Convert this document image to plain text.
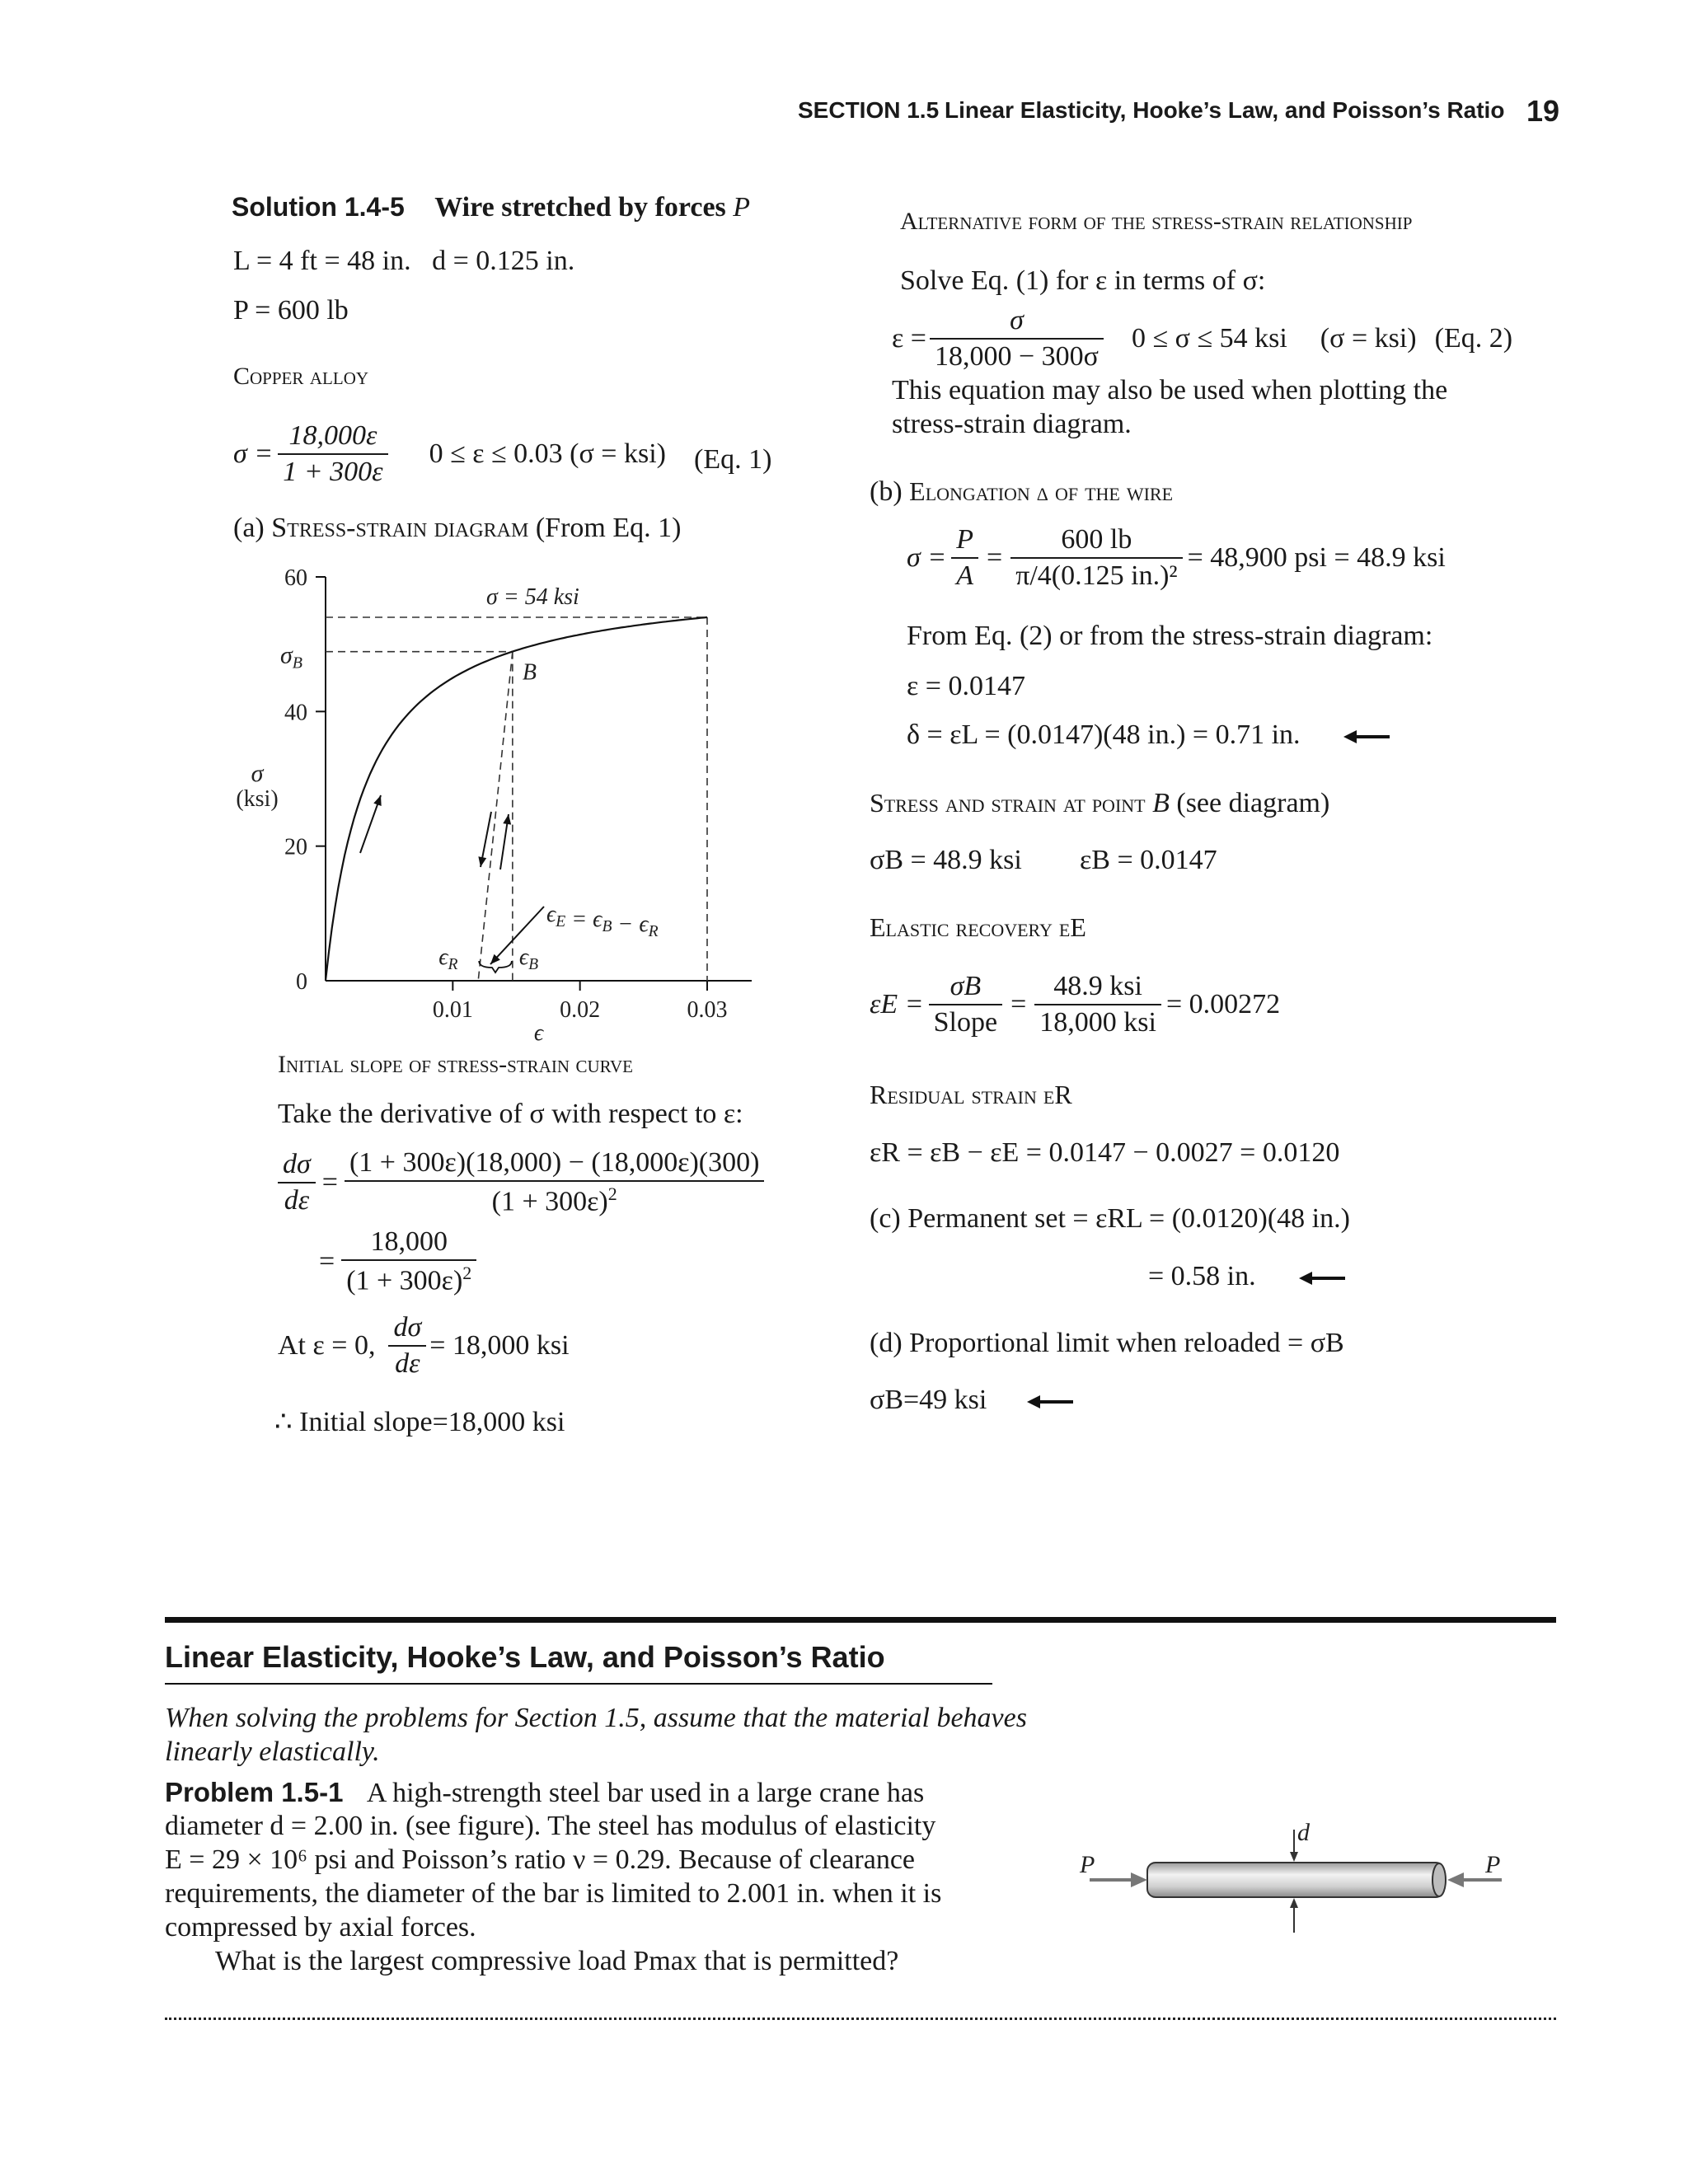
SECTION 1.5 Linear Elasticity, Hooke’s Law, and Poisson’s Ratio 19
Solution 1.4-5 Wire stretched by forces P
L = 4 ft = 48 in.   d = 0.125 in.
P = 600 lb
Copper alloy
$\sigma = \frac{18,000\varepsilon}{1 + 300\varepsilon} 0 \le \varepsilon \le 0.03$ (σ = ksi) (Eq. 1)
(a) Stress-strain diagram (From Eq. 1)
0
20
40
60
$\sigma_B$
0.01	0.02	0.03
ϵ
σ
(ksi)
σ = 54 ksi
B
$\epsilon_R$	$\epsilon_B$
$\epsilon_E = \epsilon_B - \epsilon_R$
Initial slope of stress-strain curve
Take the derivative of σ with respect to ε:
$\frac{d\sigma}{d\varepsilon} = \frac{(1 + 300\varepsilon)(18,000) - (18,000\varepsilon)(300)}{(1 + 300\varepsilon)^2}$
= $\frac{18,000}{(1 + 300\varepsilon)^2}$
At ε = 0, $\frac{d\sigma}{d\varepsilon} = 18,000$ ksi
∴ Initial slope=18,000 ksi
Alternative form of the stress-strain relationship
Solve Eq. (1) for ε in terms of σ:
$\varepsilon = \frac{\sigma}{18,000 - 300\sigma} 0 \le \sigma \le 54$ ksi (σ = ksi) (Eq. 2)
This equation may also be used when plotting the stress-strain diagram.
(b) Elongation δ of the wire
$\sigma = \frac{P}{A} = \frac{600 lb}{\text{π/4(0.125 in.)²}} = 48,900$ psi = 48.9 ksi
From Eq. (2) or from the stress-strain diagram:
ε = 0.0147
δ = εL = (0.0147)(48 in.) = 0.71 in.
Stress and strain at point B (see diagram)
σB = 48.9 ksi εB = 0.0147
Elastic recovery εE
$\varepsilon E = \frac{\sigma B}{\text{Slope}} = \frac{\text{48.9 ksi}}{\text{18,000 ksi}} = 0.00272$
Residual strain εR
εR = εB − εE = 0.0147 − 0.0027 = 0.0120
(c) Permanent set = εRL = (0.0120)(48 in.)
= 0.58 in.
(d) Proportional limit when reloaded = σB
σB=49 ksi
Linear Elasticity, Hooke’s Law, and Poisson’s Ratio
When solving the problems for Section 1.5, assume that the material behaves linearly elastically.
Problem 1.5-1 A high-strength steel bar used in a large crane has
diameter d = 2.00 in. (see figure). The steel has modulus of elasticity
E = 29 × 10⁶ psi and Poisson’s ratio ν = 0.29. Because of clearance
requirements, the diameter of the bar is limited to 2.001 in. when it is
compressed by axial forces.
What is the largest compressive load Pmax that is permitted?
d
P	P
